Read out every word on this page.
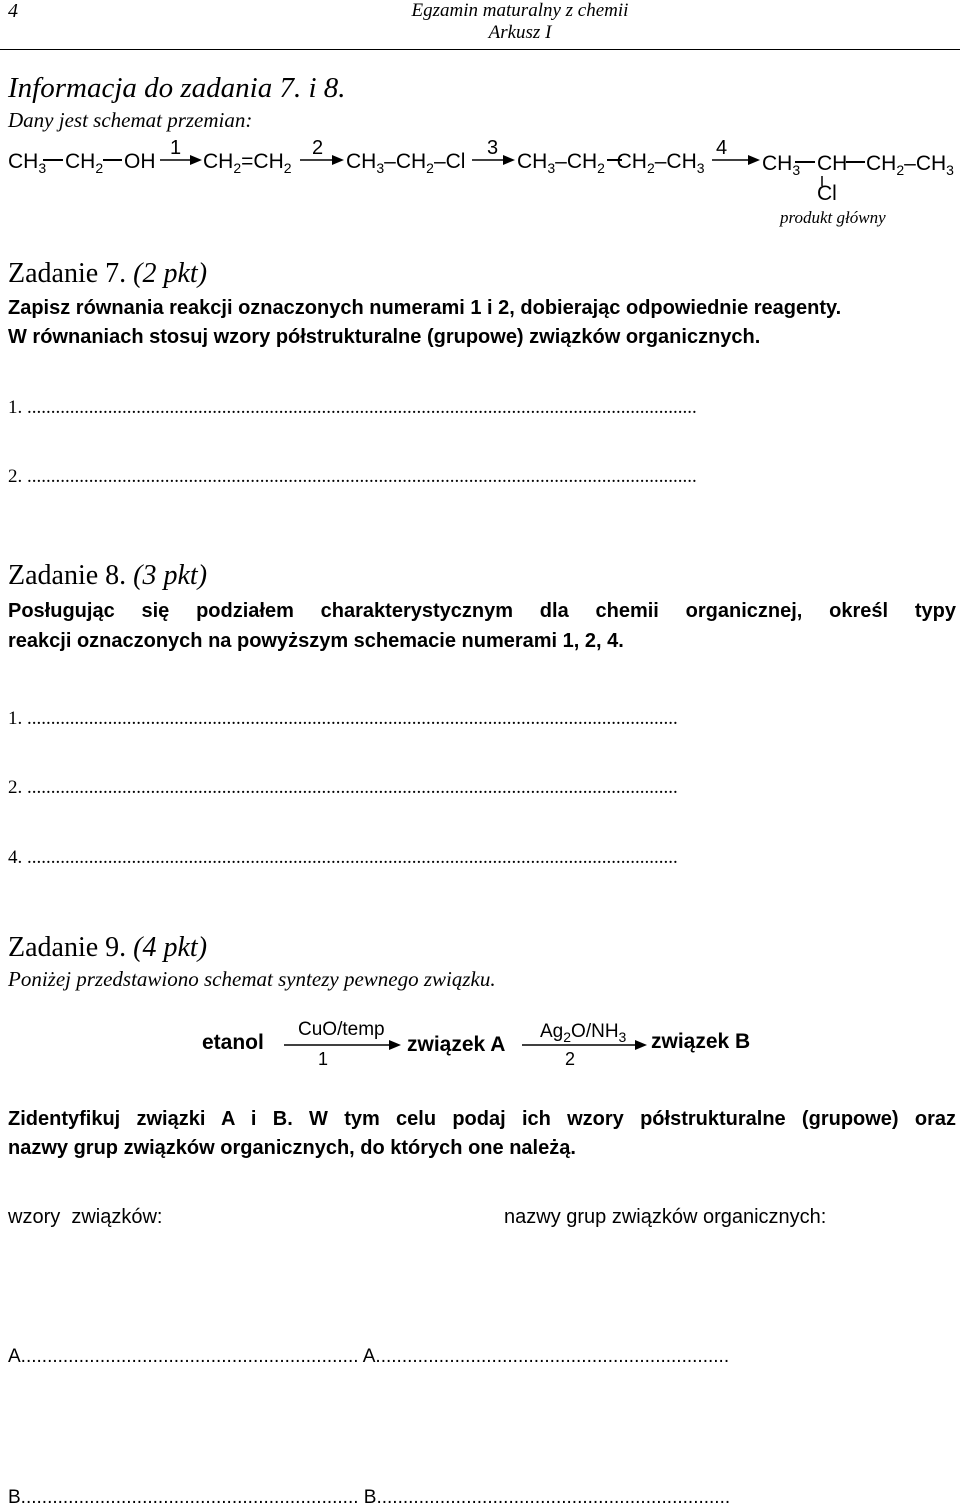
4	Egzamin maturalny z chemii
Arkusz I
Informacja do zadania 7. i 8.
Dany jest schemat przemian:
$CH_3$ $CH_2$ OH $CH_2=CH_2$	$CH_3-CH_2-Cl$ $CH_3-CH_2$  $CH_2-CH_3$	$CH_3$ CH $CH_2-CH_3$
Cl
1	2	3	4
produkt główny
Zadanie 7. (2 pkt)
Zapisz równania reakcji oznaczonych numerami 1 i 2, dobierając odpowiednie reagenty.
W równaniach stosuj wzory półstrukturalne (grupowe) związków organicznych.
1. .............................................................................................................................................
2. .............................................................................................................................................
Zadanie 8. (3 pkt)
Posługując się podziałem charakterystycznym dla chemii organicznej, określ typy
reakcji oznaczonych na powyższym schemacie numerami 1, 2, 4.
1. .........................................................................................................................................
2. .........................................................................................................................................
4. .........................................................................................................................................
Zadanie 9. (4 pkt)
Poniżej przedstawiono schemat syntezy pewnego związku.
etanol
CuO/temp
1
związek A
$Ag_2O/NH_3$
2
związek B
Zidentyfikuj związki A i B. W tym celu podaj ich wzory półstrukturalne (grupowe) oraz
nazwy grup związków organicznych, do których one należą.
wzory  związków:	nazwy grup związków organicznych:
A................................................................ A...................................................................
B................................................................ B...................................................................
